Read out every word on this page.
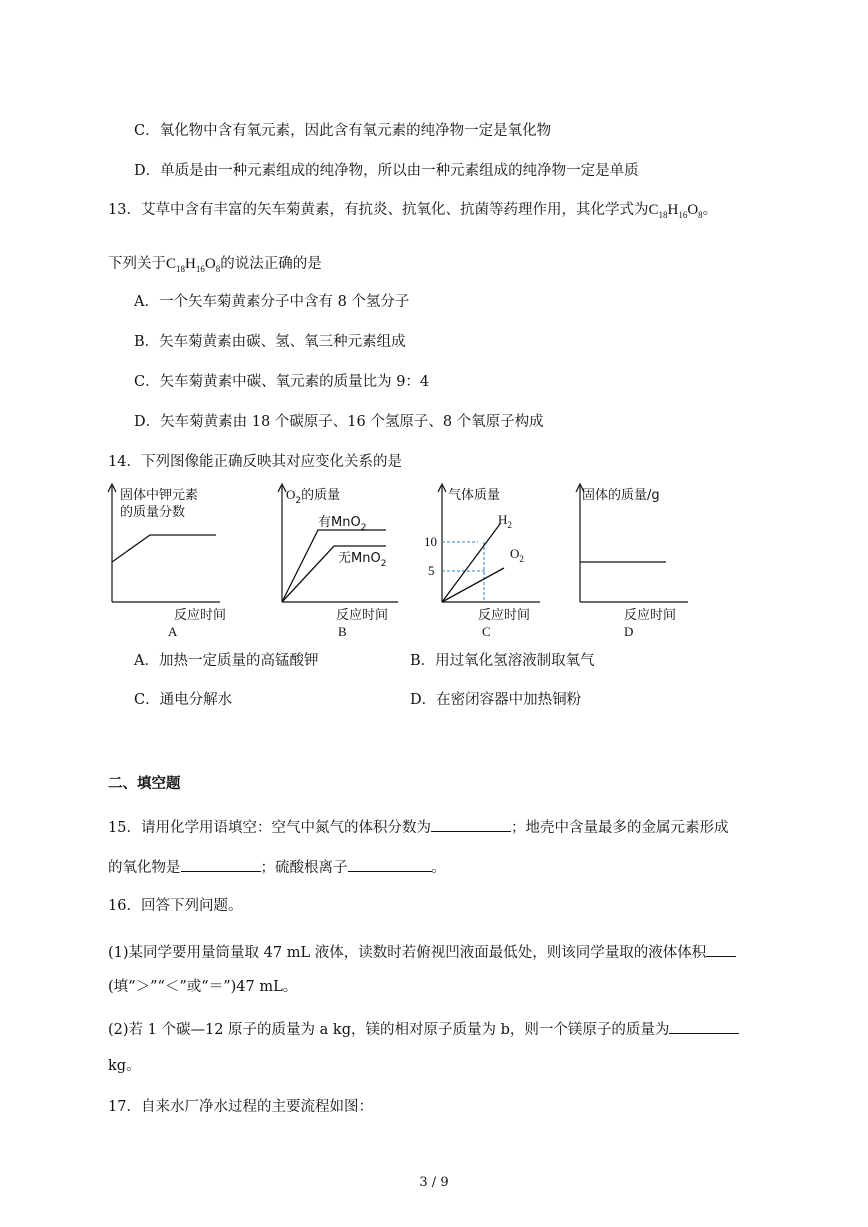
C．氧化物中含有氧元素，因此含有氧元素的纯净物一定是氧化物
D．单质是由一种元素组成的纯净物，所以由一种元素组成的纯净物一定是单质
13．艾草中含有丰富的矢车菊黄素，有抗炎、抗氧化、抗菌等药理作用，其化学式为$C_{18}H_{16}O_8$。
下列关于$C_{18}H_{16}O_8$的说法正确的是
A．一个矢车菊黄素分子中含有 8 个氢分子
B．矢车菊黄素由碳、氢、氧三种元素组成
C．矢车菊黄素中碳、氧元素的质量比为 9：4
D．矢车菊黄素由 18 个碳原子、16 个氢原子、8 个氧原子构成
14．下列图像能正确反映其对应变化关系的是
固体中钾元素
的质量分数
反应时间
A
$O_2$的质量
有MnO$_2$
无MnO$_2$
反应时间
B
气体质量
10
5
$H_2$
$O_2$
反应时间
C
固体的质量/g
反应时间
D
A．加热一定质量的高锰酸钾	B．用过氧化氢溶液制取氧气
C．通电分解水	D．在密闭容器中加热铜粉
二、填空题
15．请用化学用语填空：空气中氮气的体积分数为	；地壳中含量最多的金属元素形成
的氧化物是	；硫酸根离子	。
16．回答下列问题。
(1)某同学要用量筒量取 47 mL 液体，读数时若俯视凹液面最低处，则该同学量取的液体体积
(填“＞”“＜”或“＝”)47 mL。
(2)若 1 个碳—12 原子的质量为 a kg，镁的相对原子质量为 b，则一个镁原子的质量为
kg。
17．自来水厂净水过程的主要流程如图：
3 / 9
